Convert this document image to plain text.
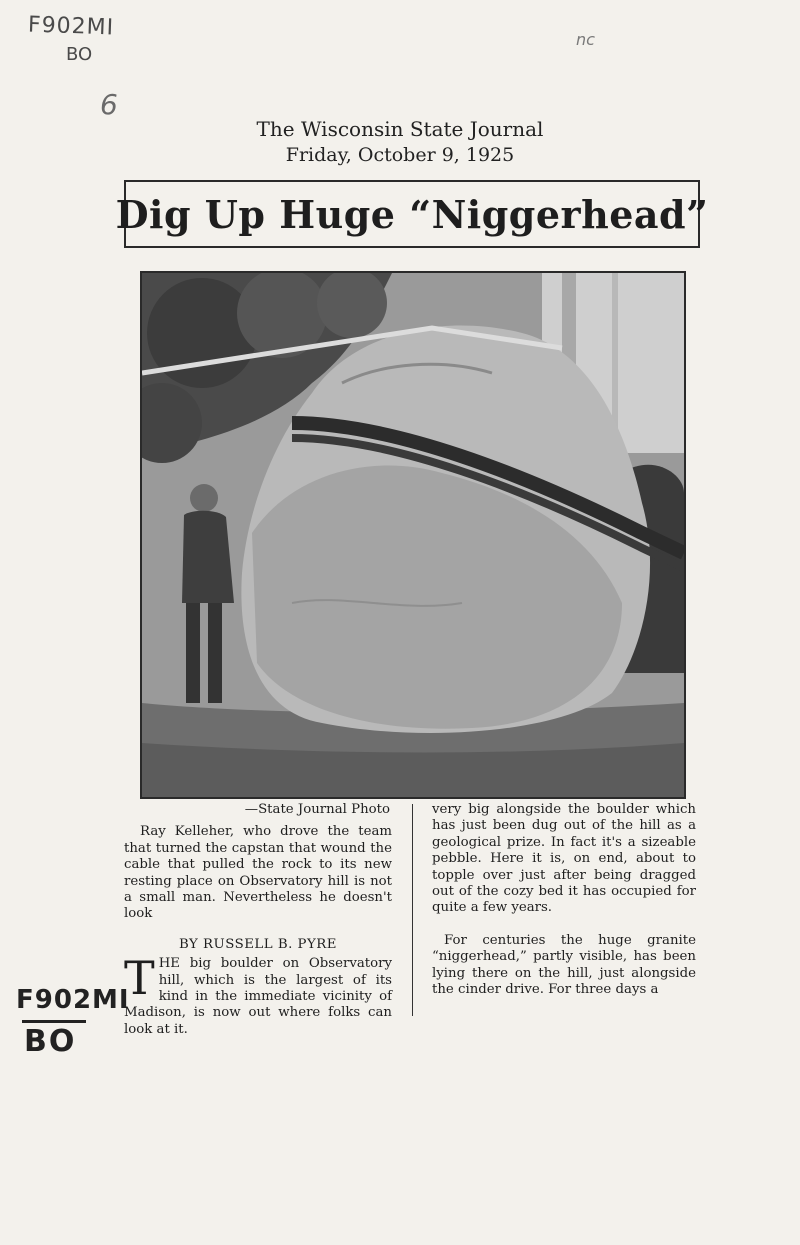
F902MI
BO
6
nc
The Wisconsin State Journal
Friday, October 9, 1925
Dig Up Huge “Niggerhead”
—State Journal Photo

Ray Kelleher, who drove the team that turned the capstan that wound the cable that pulled the rock to its new resting place on Observatory hill is not a small man. Nevertheless he doesn't look

BY RUSSELL B. PYRE

THE big boulder on Observatory hill, which is the largest of its kind in the immediate vicinity of Madison, is now out where folks can look at it.

very big alongside the boulder which has just been dug out of the hill as a geological prize. In fact it's a sizeable pebble. Here it is, on end, about to topple over just after being dragged out of the cozy bed it has occupied for quite a few years.

For centuries the huge granite “niggerhead,” partly visible, has been lying there on the hill, just alongside the cinder drive. For three days a

F902MI
BO
